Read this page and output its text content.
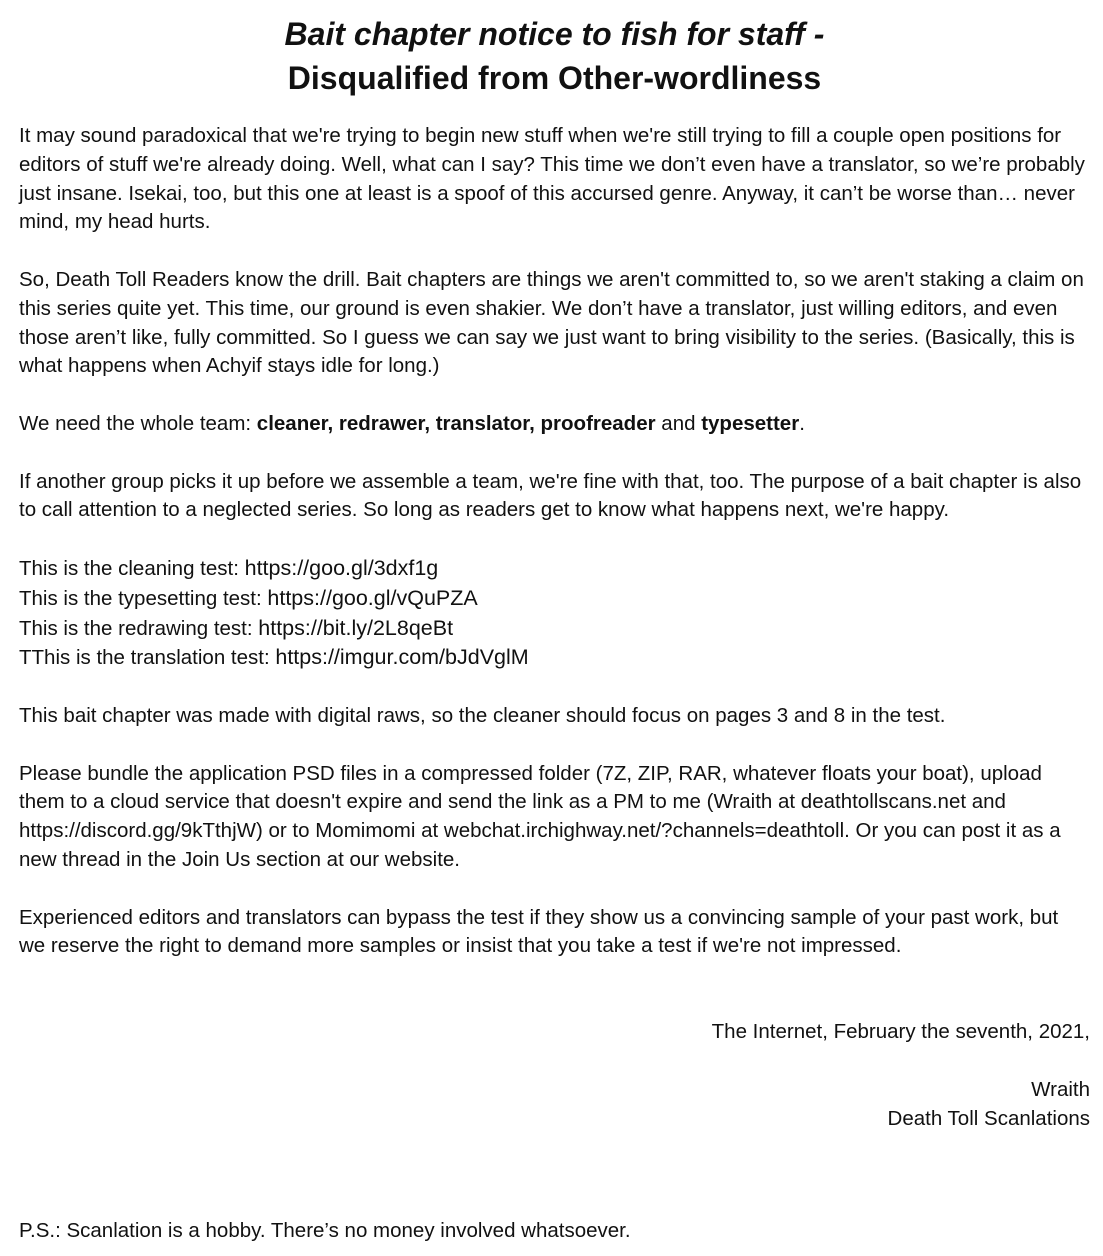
Bait chapter notice to fish for staff -
Disqualified from Other-wordliness

It may sound paradoxical that we're trying to begin new stuff when we're still trying to fill a couple open positions for editors of stuff we're already doing. Well, what can I say? This time we don’t even have a translator, so we’re probably just insane. Isekai, too, but this one at least is a spoof of this accursed genre. Anyway, it can’t be worse than… never mind, my head hurts.

So, Death Toll Readers know the drill. Bait chapters are things we aren't committed to, so we aren't staking a claim on this series quite yet. This time, our ground is even shakier. We don’t have a translator, just willing editors, and even those aren’t like, fully committed. So I guess we can say we just want to bring visibility to the series. (Basically, this is what happens when Achyif stays idle for long.)

We need the whole team: cleaner, redrawer, translator, proofreader and typesetter.

If another group picks it up before we assemble a team, we're fine with that, too. The purpose of a bait chapter is also to call attention to a neglected series. So long as readers get to know what happens next, we're happy.

This is the cleaning test: https://goo.gl/3dxf1g
This is the typesetting test: https://goo.gl/vQuPZA
This is the redrawing test: https://bit.ly/2L8qeBt
TThis is the translation test: https://imgur.com/bJdVglM

This bait chapter was made with digital raws, so the cleaner should focus on pages 3 and 8 in the test.

Please bundle the application PSD files in a compressed folder (7Z, ZIP, RAR, whatever floats your boat), upload them to a cloud service that doesn't expire and send the link as a PM to me (Wraith at deathtollscans.net and https://discord.gg/9kTthjW) or to Momimomi at webchat.irchighway.net/?channels=deathtoll. Or you can post it as a new thread in the Join Us section at our website.

Experienced editors and translators can bypass the test if they show us a convincing sample of your past work, but we reserve the right to demand more samples or insist that you take a test if we're not impressed.

The Internet, February the seventh, 2021,
Wraith
Death Toll Scanlations
P.S.: Scanlation is a hobby. There’s no money involved whatsoever.
